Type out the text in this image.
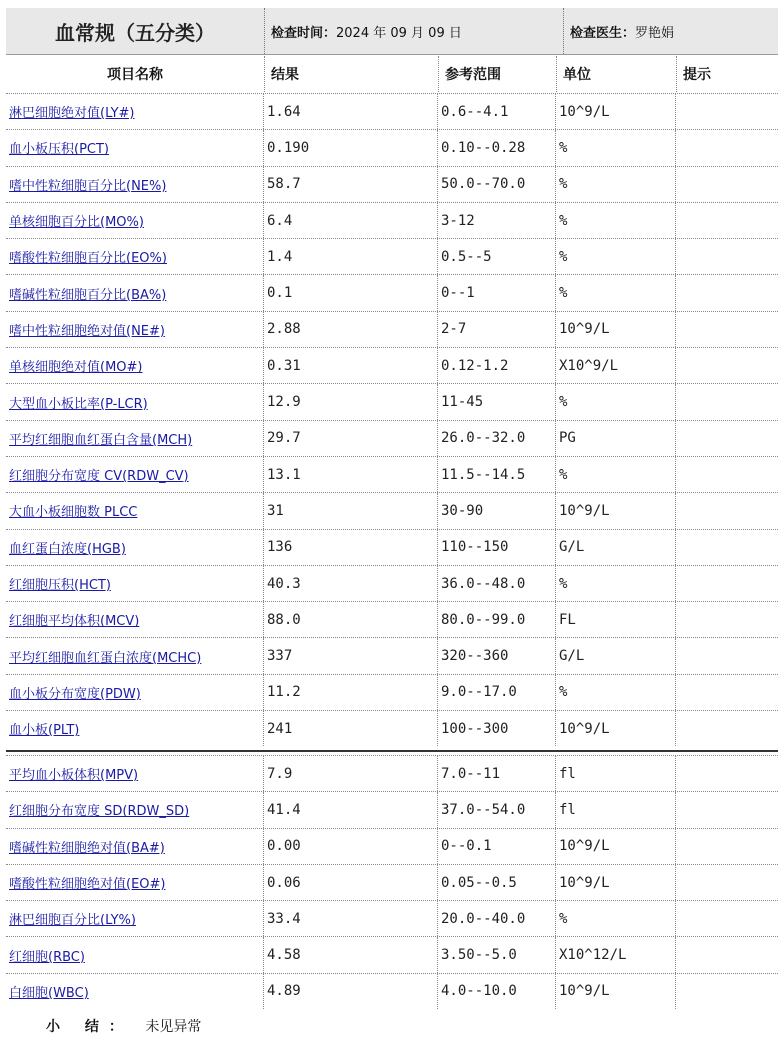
血常规（五分类）	检查时间： 2024 年 09 月 09 日	检查医生： 罗艳娟
项目名称	结果	参考范围	单位	提示
淋巴细胞绝对值(LY#)	1.64	0.6--4.1	10^9/L
血小板压积(PCT)	0.190	0.10--0.28	%
嗜中性粒细胞百分比(NE%)	58.7	50.0--70.0	%
单核细胞百分比(MO%)	6.4	3-12	%
嗜酸性粒细胞百分比(EO%)	1.4	0.5--5	%
嗜碱性粒细胞百分比(BA%)	0.1	0--1	%
嗜中性粒细胞绝对值(NE#)	2.88	2-7	10^9/L
单核细胞绝对值(MO#)	0.31	0.12-1.2	X10^9/L
大型血小板比率(P-LCR)	12.9	11-45	%
平均红细胞血红蛋白含量(MCH)	29.7	26.0--32.0	PG
红细胞分布宽度 CV(RDW_CV)	13.1	11.5--14.5	%
大血小板细胞数 PLCC	31	30-90	10^9/L
血红蛋白浓度(HGB)	136	110--150	G/L
红细胞压积(HCT)	40.3	36.0--48.0	%
红细胞平均体积(MCV)	88.0	80.0--99.0	FL
平均红细胞血红蛋白浓度(MCHC)	337	320--360	G/L
血小板分布宽度(PDW)	11.2	9.0--17.0	%
血小板(PLT)	241	100--300	10^9/L
平均血小板体积(MPV)	7.9	7.0--11	fl
红细胞分布宽度 SD(RDW_SD)	41.4	37.0--54.0	fl
嗜碱性粒细胞绝对值(BA#)	0.00	0--0.1	10^9/L
嗜酸性粒细胞绝对值(EO#)	0.06	0.05--0.5	10^9/L
淋巴细胞百分比(LY%)	33.4	20.0--40.0	%
红细胞(RBC)	4.58	3.50--5.0	X10^12/L
白细胞(WBC)	4.89	4.0--10.0	10^9/L
小 结： 未见异常
